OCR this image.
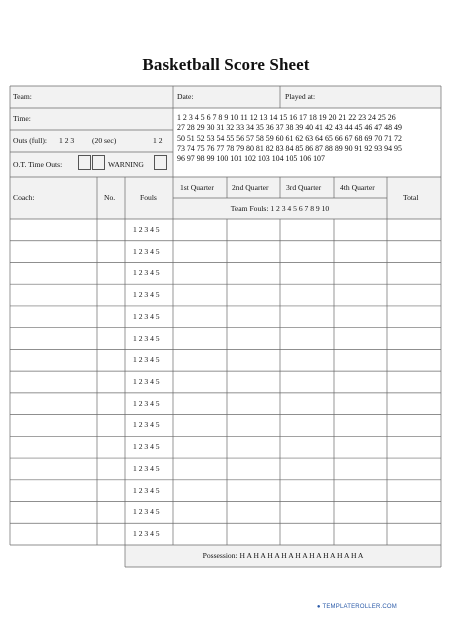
Basketball Score Sheet
Team:	Date:	Played at:
Time:
Outs (full): 1 2 3 (20 sec)	1 2
O.T. Time Outs:	WARNING
1 2 3 4 5 6 7 8 9 10 11 12 13 14 15 16 17 18 19 20 21 22 23 24 25 26
27 28 29 30 31 32 33 34 35 36 37 38 39 40 41 42 43 44 45 46 47 48 49
50 51 52 53 54 55 56 57 58 59 60 61 62 63 64 65 66 67 68 69 70 71 72
73 74 75 76 77 78 79 80 81 82 83 84 85 86 87 88 89 90 91 92 93 94 95
96 97 98 99 100 101 102 103 104 105 106 107
Coach:	No.	Fouls
1st Quarter 2nd Quarter 3rd Quarter 4th Quarter
Total
Team Fouls: 1 2 3 4 5 6 7 8 9 10
1 2 3 4 5
1 2 3 4 5
1 2 3 4 5
1 2 3 4 5
1 2 3 4 5
1 2 3 4 5
1 2 3 4 5
1 2 3 4 5
1 2 3 4 5
1 2 3 4 5
1 2 3 4 5
1 2 3 4 5
1 2 3 4 5
1 2 3 4 5
1 2 3 4 5
Possession: H A H A H A H A H A H A H A H A H A
● TEMPLATEROLLER.COM
